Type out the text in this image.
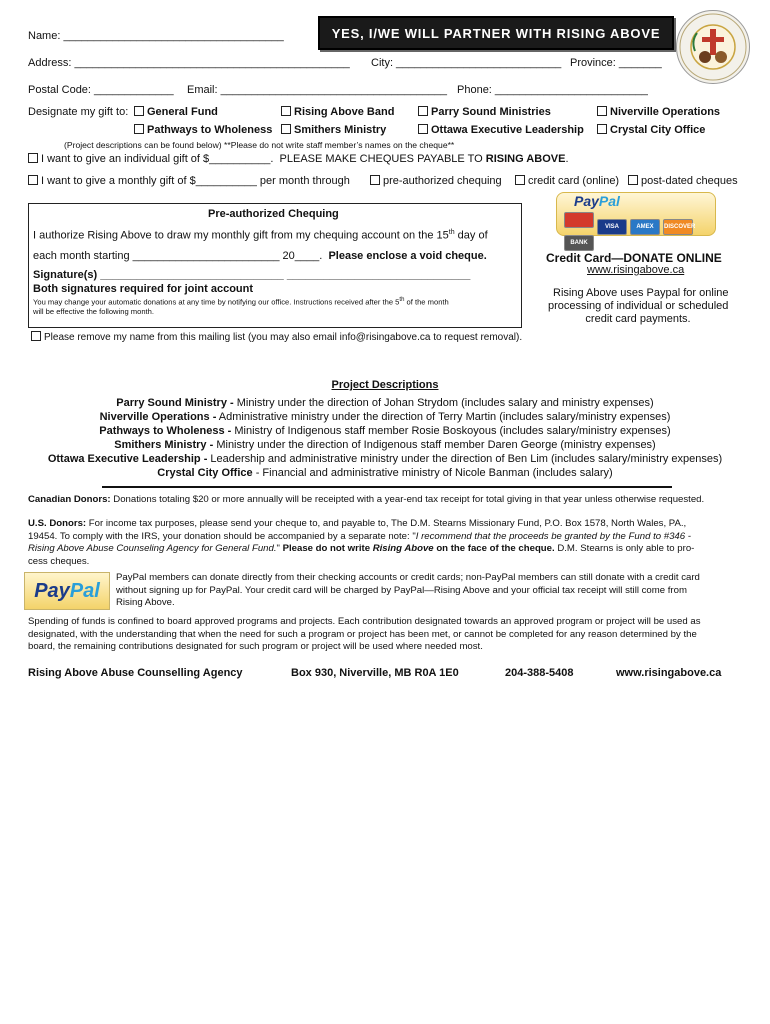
Name: ____________________________________	YES, I/WE WILL PARTNER WITH RISING ABOVE
Address: _____________________________________________ City: ___________________________ Province: _______
Postal Code: _____________ Email: _____________________________________ Phone: _________________________
Designate my gift to:	General Fund	Rising Above Band	Parry Sound Ministries	Niverville Operations
Pathways to Wholeness	Smithers Ministry	Ottawa Executive Leadership	Crystal City Office
(Project descriptions can be found below) **Please do not write staff member’s names on the cheque**
I want to give an individual gift of $__________. PLEASE MAKE CHEQUES PAYABLE TO RISING ABOVE.
I want to give a monthly gift of $__________ per month through	pre-authorized chequing	credit card (online)	post-dated cheques
Pre-authorized Chequing
I authorize Rising Above to draw my monthly gift from my chequing account on the 15th day of
each month starting ________________________ 20____. Please enclose a void cheque.
Signature(s) ______________________________ ______________________________
Both signatures required for joint account
You may change your automatic donations at any time by notifying our office. Instructions received after the 5th of the month
will be effective the following month.
Please remove my name from this mailing list (you may also email info@risingabove.ca to request removal).
PayPal
VISA	AMEX DISCOVERBANK
Credit Card—DONATE ONLINE
www.risingabove.ca
Rising Above uses Paypal for online
processing of individual or scheduled
credit card payments.
Project Descriptions
Parry Sound Ministry - Ministry under the direction of Johan Strydom (includes salary and ministry expenses)
Niverville Operations - Administrative ministry under the direction of Terry Martin (includes salary/ministry expenses)
Pathways to Wholeness - Ministry of Indigenous staff member Rosie Boskoyous (includes salary/ministry expenses)
Smithers Ministry - Ministry under the direction of Indigenous staff member Daren George (ministry expenses)
Ottawa Executive Leadership - Leadership and administrative ministry under the direction of Ben Lim (includes salary/ministry expenses)
Crystal City Office - Financial and administrative ministry of Nicole Banman (includes salary)
Canadian Donors: Donations totaling $20 or more annually will be receipted with a year-end tax receipt for total giving in that year unless otherwise requested.
U.S. Donors: For income tax purposes, please send your cheque to, and payable to, The D.M. Stearns Missionary Fund, P.O. Box 1578, North Wales, PA.,
19454. To comply with the IRS, your donation should be accompanied by a separate note: "I recommend that the proceeds be granted by the Fund to #346 -
Rising Above Abuse Counseling Agency for General Fund." Please do not write Rising Above on the face of the cheque. D.M. Stearns is only able to pro-
cess cheques.
Pay Pal
PayPal members can donate directly from their checking accounts or credit cards; non-PayPal members can still donate with a credit card
without signing up for PayPal. Your credit card will be charged by PayPal—Rising Above and your official tax receipt will still come from
Rising Above.
Spending of funds is confined to board approved programs and projects. Each contribution designated towards an approved program or project will be used as
designated, with the understanding that when the need for such a program or project has been met, or cannot be completed for any reason determined by the
board, the remaining contributions designated for such program or project will be used where needed most.
Rising Above Abuse Counselling Agency	Box 930, Niverville, MB R0A 1E0	204-388-5408	www.risingabove.ca
